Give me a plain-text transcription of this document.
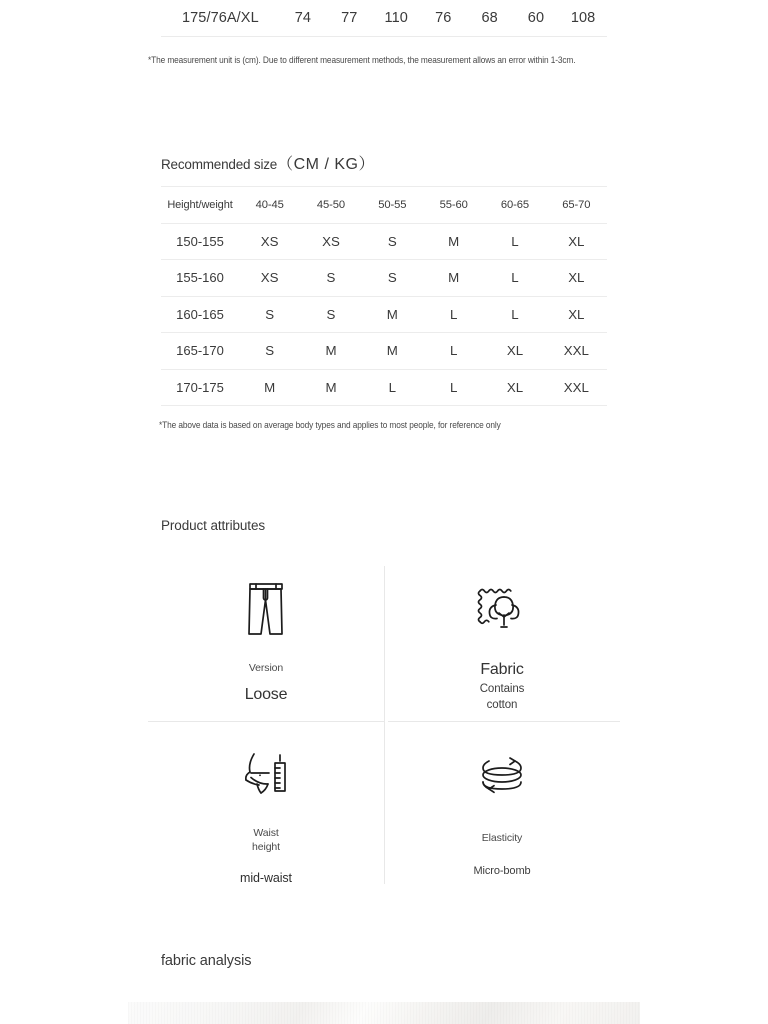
175/76A/XL	74	77	110	76	68	60	108
*The measurement unit is (cm). Due to different measurement methods, the measurement allows an error within 1-3cm.
Recommended size（CM / KG）
Height/weight	40-45	45-50	50-55	55-60	60-65	65-70
150-155	XS	XS	S	M	L	XL
155-160	XS	S	S	M	L	XL
160-165	S	S	M	L	L	XL
165-170	S	M	M	L	XL	XXL
170-175	M	M	L	L	XL	XXL
*The above data is based on average body types and applies to most people, for reference only
Product attributes
Version
Loose
Fabric
Contains
cotton
Waist
height
mid-waist
Elasticity
Micro-bomb
fabric analysis
